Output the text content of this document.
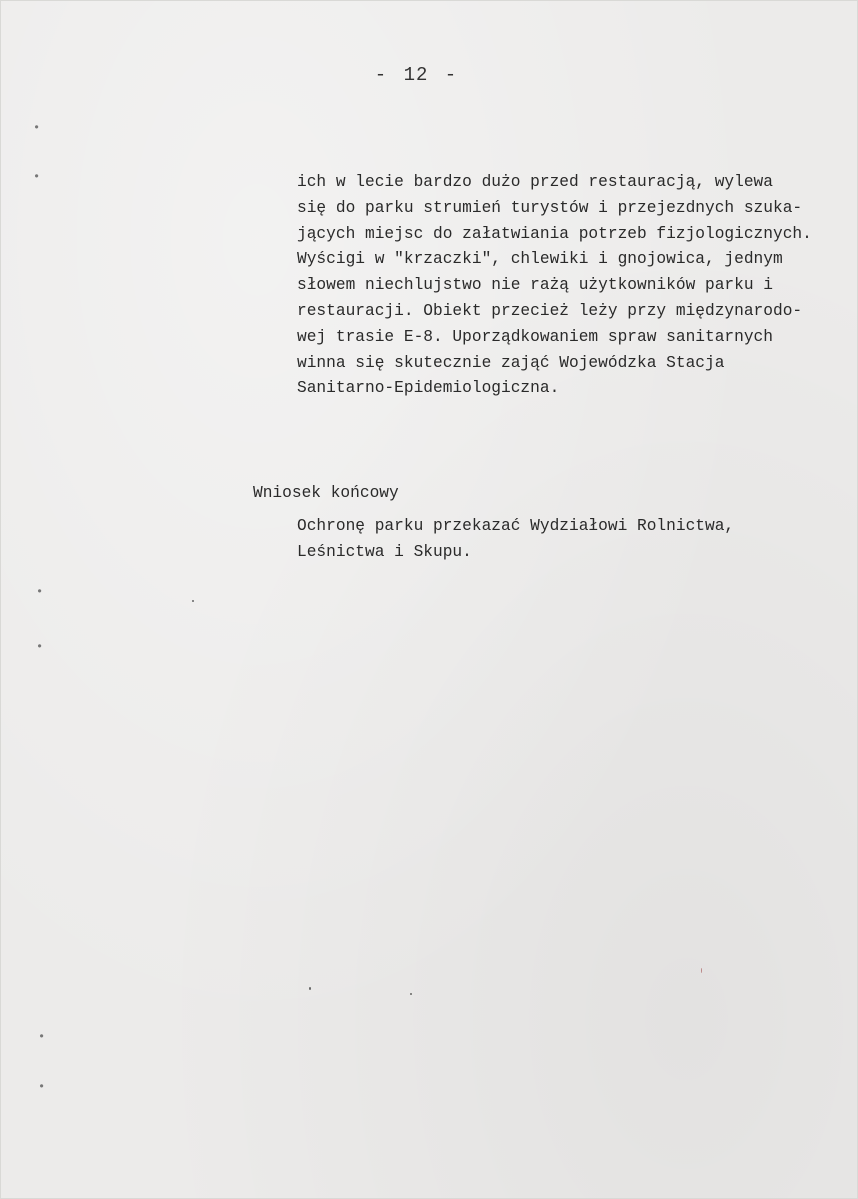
- 12 -
ich w lecie bardzo dużo przed restauracją, wylewa
się do parku strumień turystów i przejezdnych szuka-
jących miejsc do załatwiania potrzeb fizjologicznych.
Wyścigi w "krzaczki", chlewiki i gnojowica, jednym
słowem niechlujstwo nie rażą użytkowników parku i
restauracji. Obiekt przecież leży przy międzynarodo-
wej trasie E-8. Uporządkowaniem spraw sanitarnych
winna się skutecznie zająć Wojewódzka Stacja
Sanitarno-Epidemiologiczna.
Wniosek końcowy
Ochronę parku przekazać Wydziałowi Rolnictwa,
Leśnictwa i Skupu.
•
•
•
•
•
•
